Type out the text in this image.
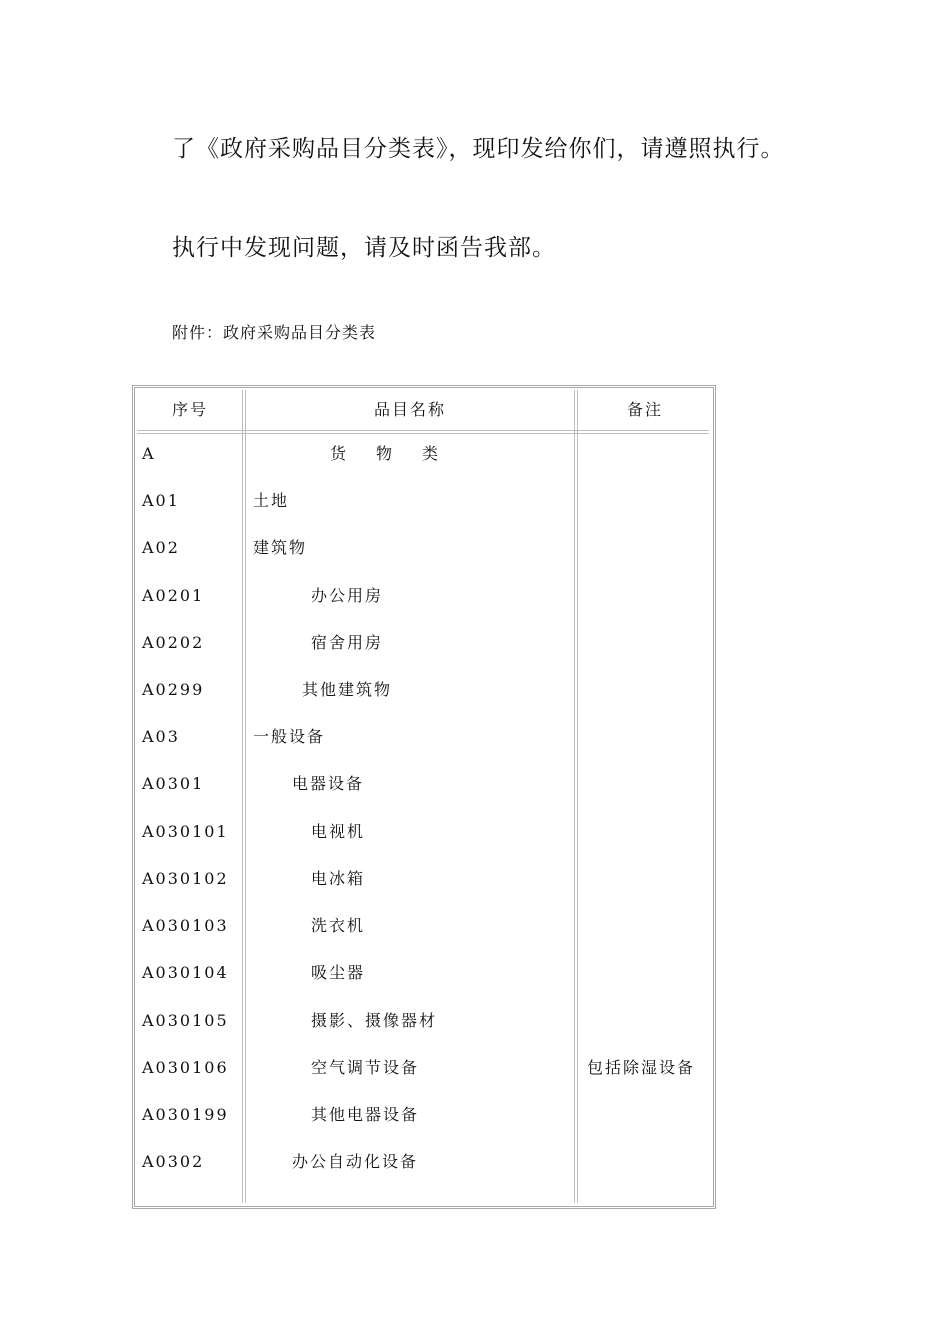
了《政府采购品目分类表》，现印发给你们，请遵照执行。
执行中发现问题，请及时函告我部。
附件：政府采购品目分类表
序号	品目名称	备注
A	货物类
A01	土地
A02	建筑物
A0201	办公用房
A0202	宿舍用房
A0299	其他建筑物
A03	一般设备
A0301	电器设备
A030101	电视机
A030102	电冰箱
A030103	洗衣机
A030104	吸尘器
A030105	摄影、摄像器材
A030106	空气调节设备	包括除湿设备
A030199	其他电器设备
A0302	办公自动化设备
